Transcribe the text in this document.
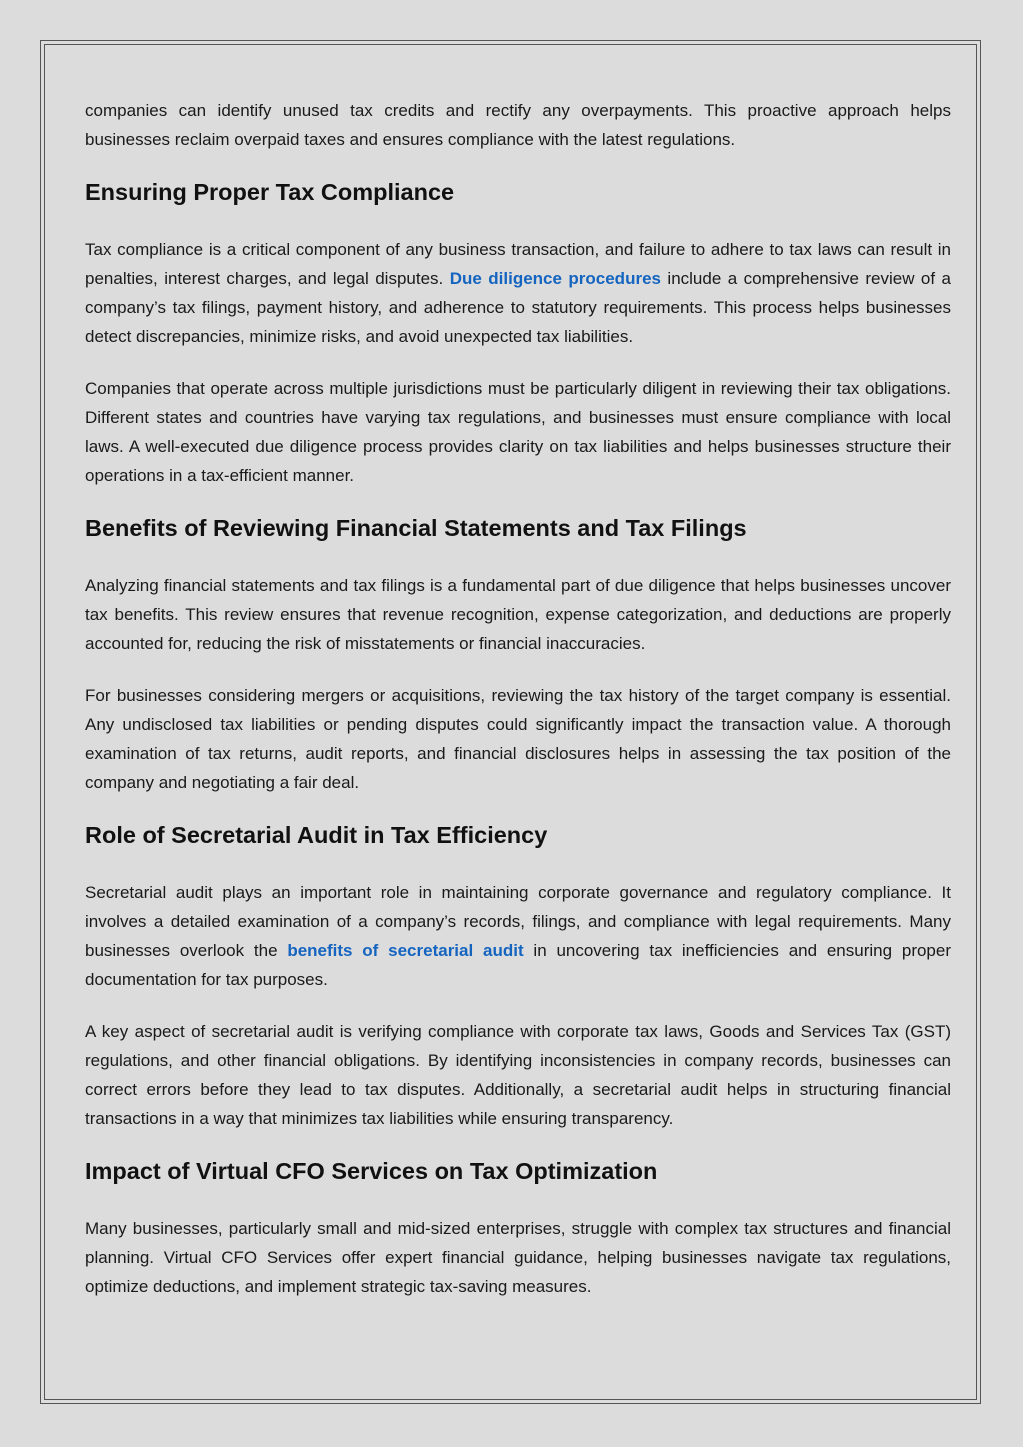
companies can identify unused tax credits and rectify any overpayments. This proactive approach helps businesses reclaim overpaid taxes and ensures compliance with the latest regulations.

Ensuring Proper Tax Compliance

Tax compliance is a critical component of any business transaction, and failure to adhere to tax laws can result in penalties, interest charges, and legal disputes. Due diligence procedures include a comprehensive review of a company’s tax filings, payment history, and adherence to statutory requirements. This process helps businesses detect discrepancies, minimize risks, and avoid unexpected tax liabilities.

Companies that operate across multiple jurisdictions must be particularly diligent in reviewing their tax obligations. Different states and countries have varying tax regulations, and businesses must ensure compliance with local laws. A well-executed due diligence process provides clarity on tax liabilities and helps businesses structure their operations in a tax-efficient manner.

Benefits of Reviewing Financial Statements and Tax Filings

Analyzing financial statements and tax filings is a fundamental part of due diligence that helps businesses uncover tax benefits. This review ensures that revenue recognition, expense categorization, and deductions are properly accounted for, reducing the risk of misstatements or financial inaccuracies.

For businesses considering mergers or acquisitions, reviewing the tax history of the target company is essential. Any undisclosed tax liabilities or pending disputes could significantly impact the transaction value. A thorough examination of tax returns, audit reports, and financial disclosures helps in assessing the tax position of the company and negotiating a fair deal.

Role of Secretarial Audit in Tax Efficiency

Secretarial audit plays an important role in maintaining corporate governance and regulatory compliance. It involves a detailed examination of a company’s records, filings, and compliance with legal requirements. Many businesses overlook the benefits of secretarial audit in uncovering tax inefficiencies and ensuring proper documentation for tax purposes.

A key aspect of secretarial audit is verifying compliance with corporate tax laws, Goods and Services Tax (GST) regulations, and other financial obligations. By identifying inconsistencies in company records, businesses can correct errors before they lead to tax disputes. Additionally, a secretarial audit helps in structuring financial transactions in a way that minimizes tax liabilities while ensuring transparency.

Impact of Virtual CFO Services on Tax Optimization

Many businesses, particularly small and mid-sized enterprises, struggle with complex tax structures and financial planning. Virtual CFO Services offer expert financial guidance, helping businesses navigate tax regulations, optimize deductions, and implement strategic tax-saving measures.
